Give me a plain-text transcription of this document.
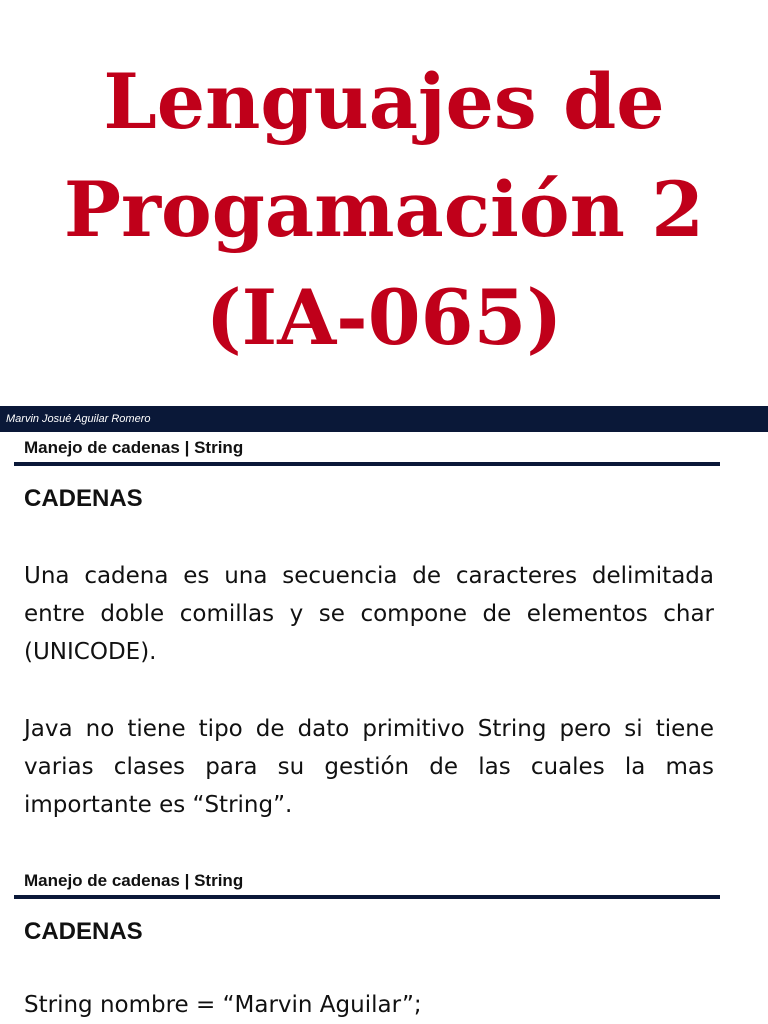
Lenguajes de
Progamación 2
(IA-065)
Marvin Josué Aguilar Romero
Manejo de cadenas | String
CADENAS
Una cadena es una secuencia de caracteres delimitada entre doble comillas y se compone de elementos char (UNICODE).
Java no tiene tipo de dato primitivo String pero si tiene varias clases para su gestión de las cuales la mas importante es “String”.
Manejo de cadenas | String
CADENAS
String nombre = “Marvin Aguilar”;
